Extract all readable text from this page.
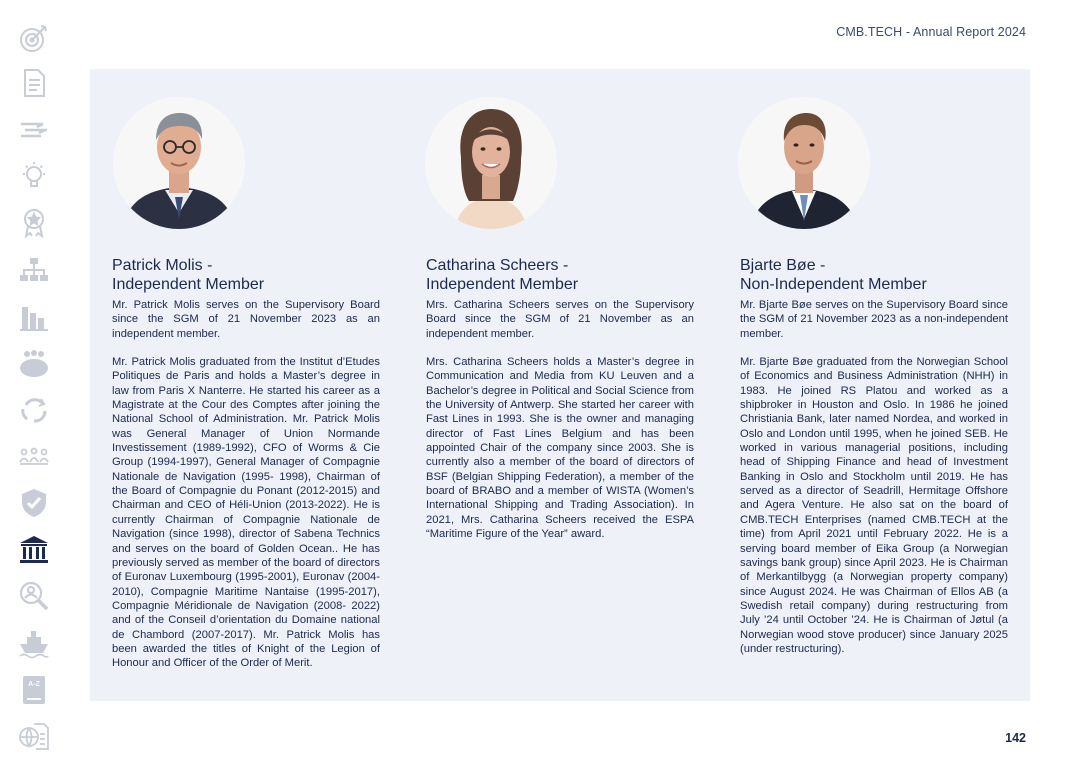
A-Z
CMB.TECH - Annual Report 2024
Patrick Molis -
Independent Member

Mr. Patrick Molis serves on the Supervisory Board since the SGM of 21 November 2023 as an independent member.

Mr. Patrick Molis graduated from the Institut d’Etudes Politiques de Paris and holds a Master’s degree in law from Paris X Nanterre. He started his career as a Magistrate at the Cour des Comptes after joining the National School of Administration. Mr. Patrick Molis was General Manager of Union Normande Investissement (1989-1992), CFO of Worms & Cie Group (1994-1997), General Manager of Compagnie Nationale de Navigation (1995- 1998), Chairman of the Board of Compagnie du Ponant (2012-2015) and Chairman and CEO of Héli-Union (2013-2022). He is currently Chairman of Compagnie Nationale de Navigation (since 1998), director of Sabena Technics and serves on the board of Golden Ocean.. He has previously served as member of the board of directors of Euronav Luxembourg (1995-2001), Euronav (2004-2010), Compagnie Maritime Nantaise (1995-2017), Compagnie Méridionale de Navigation (2008- 2022) and of the Conseil d’orientation du Domaine national de Chambord (2007-2017). Mr. Patrick Molis has been awarded the titles of Knight of the Legion of Honour and Officer of the Order of Merit.

Catharina Scheers -
Independent Member

Mrs. Catharina Scheers serves on the Supervisory Board since the SGM of 21 November as an independent member.

Mrs. Catharina Scheers holds a Master’s degree in Communication and Media from KU Leuven and a Bachelor’s degree in Political and Social Science from the University of Antwerp. She started her career with Fast Lines in 1993. She is the owner and managing director of Fast Lines Belgium and has been appointed Chair of the company since 2003. She is currently also a member of the board of directors of BSF (Belgian Shipping Federation), a member of the board of BRABO and a member of WISTA (Women’s International Shipping and Trading Association). In 2021, Mrs. Catharina Scheers received the ESPA “Maritime Figure of the Year” award.

Bjarte Bøe -
Non-Independent Member

Mr. Bjarte Bøe serves on the Supervisory Board since the SGM of 21 November 2023 as a non-independent member.

Mr. Bjarte Bøe graduated from the Norwegian School of Economics and Business Administration (NHH) in 1983. He joined RS Platou and worked as a shipbroker in Houston and Oslo. In 1986 he joined Christiania Bank, later named Nordea, and worked in Oslo and London until 1995, when he joined SEB. He worked in various managerial positions, including head of Shipping Finance and head of Investment Banking in Oslo and Stockholm until 2019. He has served as a director of Seadrill, Hermitage Offshore and Agera Venture. He also sat on the board of CMB.TECH Enterprises (named CMB.TECH at the time) from April 2021 until February 2022. He is a serving board member of Eika Group (a Norwegian savings bank group) since April 2023. He is Chairman of Merkantilbygg (a Norwegian property company) since August 2024. He was Chairman of Ellos AB (a Swedish retail company) during restructuring from July ’24 until October ’24. He is Chairman of Jøtul (a Norwegian wood stove producer) since January 2025 (under restructuring).

142
